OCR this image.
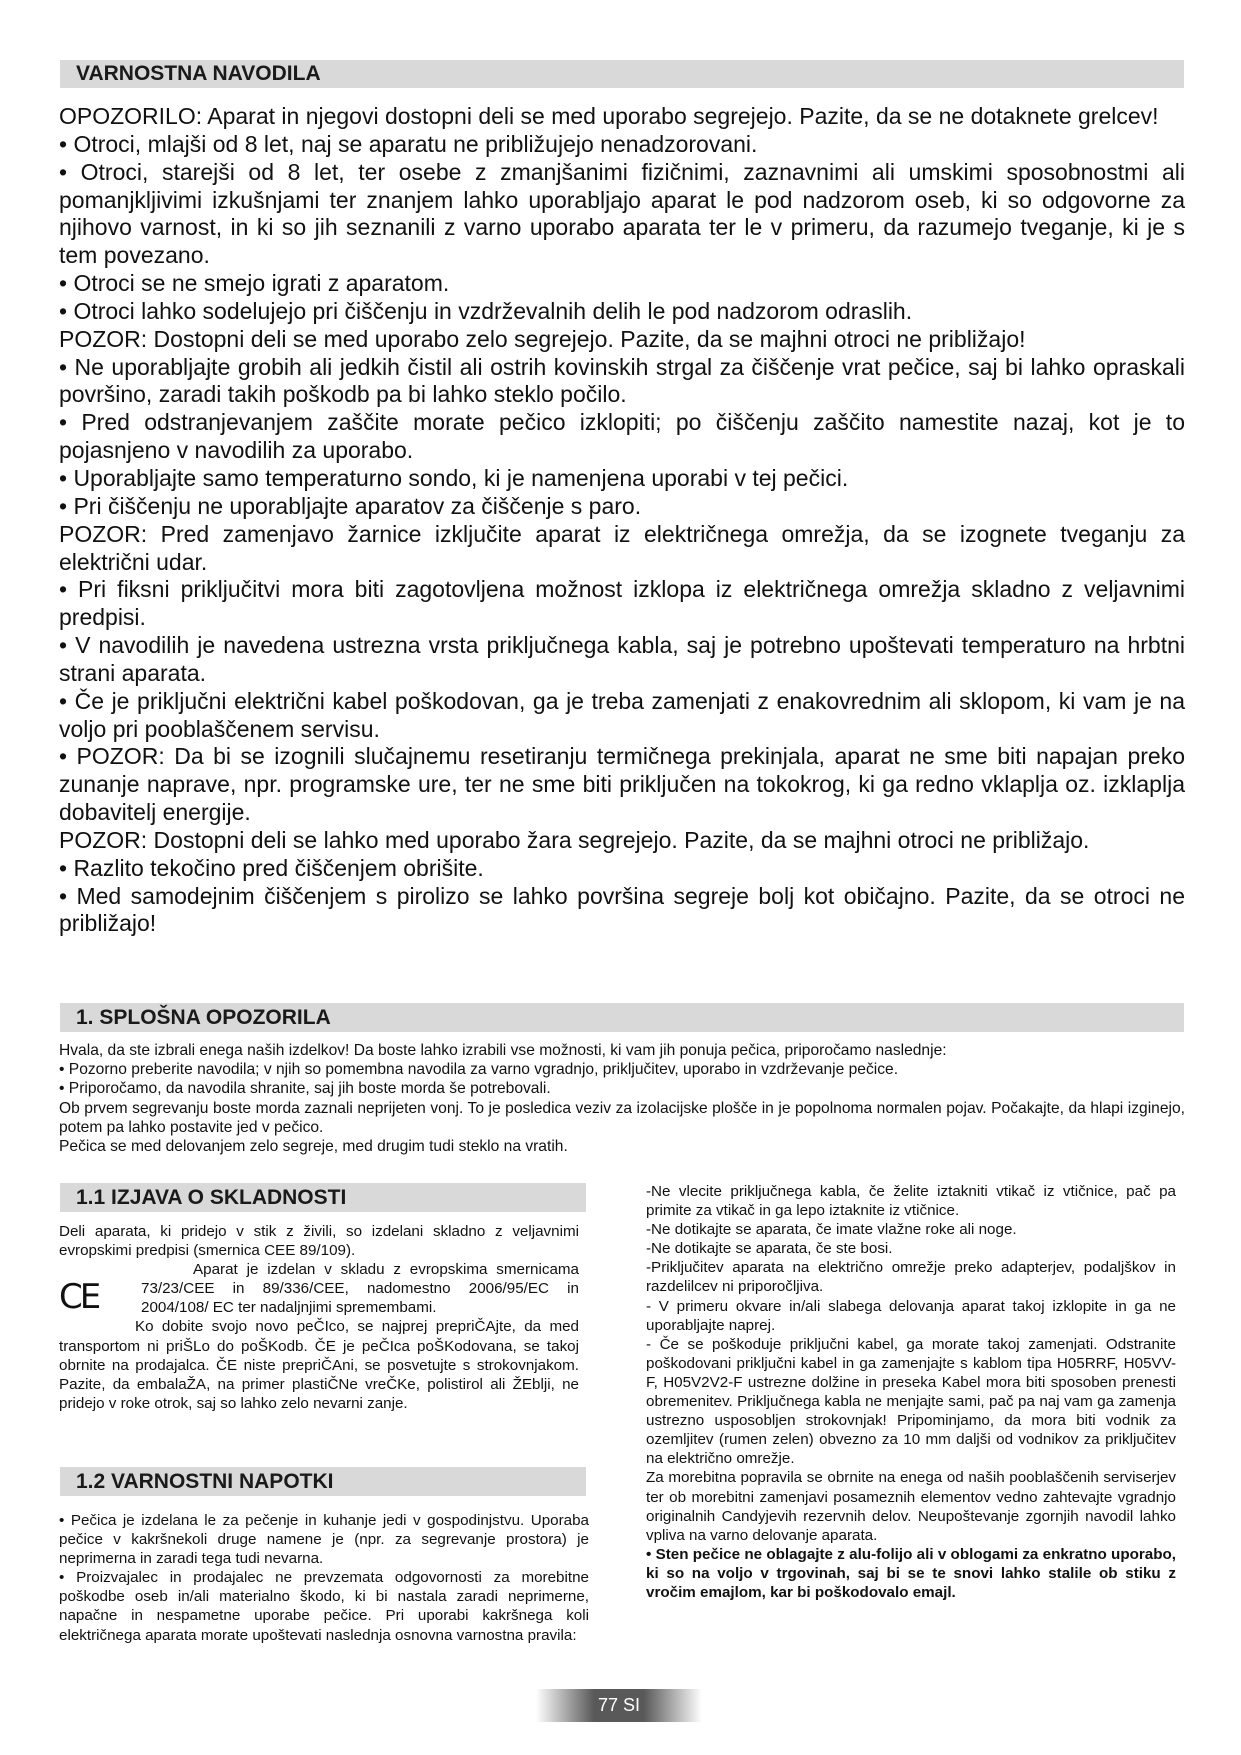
VARNOSTNA NAVODILA

OPOZORILO: Aparat in njegovi dostopni deli se med uporabo segrejejo. Pazite, da se ne dotaknete grelcev!

• Otroci, mlajši od 8 let, naj se aparatu ne približujejo nenadzorovani.

• Otroci, starejši od 8 let, ter osebe z zmanjšanimi fizičnimi, zaznavnimi ali umskimi sposobnostmi ali pomanjkljivimi izkušnjami ter znanjem lahko uporabljajo aparat le pod nadzorom oseb, ki so odgovorne za njihovo varnost, in ki so jih seznanili z varno uporabo aparata ter le v primeru, da razumejo tveganje, ki je s tem povezano.

• Otroci se ne smejo igrati z aparatom.

• Otroci lahko sodelujejo pri čiščenju in vzdrževalnih delih le pod nadzorom odraslih.

POZOR: Dostopni deli se med uporabo zelo segrejejo. Pazite, da se majhni otroci ne približajo!

• Ne uporabljajte grobih ali jedkih čistil ali ostrih kovinskih strgal za čiščenje vrat pečice, saj bi lahko opraskali površino, zaradi takih poškodb pa bi lahko steklo počilo.

• Pred odstranjevanjem zaščite morate pečico izklopiti; po čiščenju zaščito namestite nazaj, kot je to pojasnjeno v navodilih za uporabo.

• Uporabljajte samo temperaturno sondo, ki je namenjena uporabi v tej pečici.

• Pri čiščenju ne uporabljajte aparatov za čiščenje s paro.

POZOR: Pred zamenjavo žarnice izključite aparat iz električnega omrežja, da se izognete tveganju za električni udar.

• Pri fiksni priključitvi mora biti zagotovljena možnost izklopa iz električnega omrežja skladno z veljavnimi predpisi.

• V navodilih je navedena ustrezna vrsta priključnega kabla, saj je potrebno upoštevati temperaturo na hrbtni strani aparata.

• Če je priključni električni kabel poškodovan, ga je treba zamenjati z enakovrednim ali sklopom, ki vam je na voljo pri pooblaščenem servisu.

• POZOR: Da bi se izognili slučajnemu resetiranju termičnega prekinjala, aparat ne sme biti napajan preko zunanje naprave, npr. programske ure, ter ne sme biti priključen na tokokrog, ki ga redno vklaplja oz. izklaplja dobavitelj energije.

POZOR: Dostopni deli se lahko med uporabo žara segrejejo. Pazite, da se majhni otroci ne približajo.

• Razlito tekočino pred čiščenjem obrišite.

• Med samodejnim čiščenjem s pirolizo se lahko površina segreje bolj kot običajno. Pazite, da se otroci ne približajo!

1. SPLOŠNA OPOZORILA

Hvala, da ste izbrali enega naših izdelkov! Da boste lahko izrabili vse možnosti, ki vam jih ponuja pečica, priporočamo naslednje:

• Pozorno preberite navodila; v njih so pomembna navodila za varno vgradnjo, priključitev, uporabo in vzdrževanje pečice.

• Priporočamo, da navodila shranite, saj jih boste morda še potrebovali.

Ob prvem segrevanju boste morda zaznali neprijeten vonj. To je posledica veziv za izolacijske plošče in je popolnoma normalen pojav. Počakajte, da hlapi izginejo, potem pa lahko postavite jed v pečico.

Pečica se med delovanjem zelo segreje, med drugim tudi steklo na vratih.

1.1 IZJAVA O SKLADNOSTI

Deli aparata, ki pridejo v stik z živili, so izdelani skladno z veljavnimi evropskimi predpisi (smernica CEE 89/109).

CE

Aparat je izdelan v skladu z evropskima smernicama 73/23/CEE in 89/336/CEE, nadomestno 2006/95/EC in 2004/108/ EC ter nadaljnjimi spremembami.

Ko dobite svojo novo peČIco, se najprej prepriČAjte, da med transportom ni priŠLo do poŠKodb. ČE je peČIca poŠKodovana, se takoj obrnite na prodajalca. ČE niste prepriČAni, se posvetujte s strokovnjakom. Pazite, da embalaŽA, na primer plastiČNe vreČKe, polistirol ali ŽEblji, ne pridejo v roke otrok, saj so lahko zelo nevarni zanje.

1.2 VARNOSTNI NAPOTKI

• Pečica je izdelana le za pečenje in kuhanje jedi v gospodinjstvu. Uporaba pečice v kakršnekoli druge namene je (npr. za segrevanje prostora) je neprimerna in zaradi tega tudi nevarna.

• Proizvajalec in prodajalec ne prevzemata odgovornosti za morebitne poškodbe oseb in/ali materialno škodo, ki bi nastala zaradi neprimerne, napačne in nespametne uporabe pečice. Pri uporabi kakršnega koli električnega aparata morate upoštevati naslednja osnovna varnostna pravila:

-Ne vlecite priključnega kabla, če želite iztakniti vtikač iz vtičnice, pač pa primite za vtikač in ga lepo iztaknite iz vtičnice.

-Ne dotikajte se aparata, če imate vlažne roke ali noge.

-Ne dotikajte se aparata, če ste bosi.

-Priključitev aparata na električno omrežje preko adapterjev, podaljškov in razdelilcev ni priporočljiva.

- V primeru okvare in/ali slabega delovanja aparat takoj izklopite in ga ne uporabljajte naprej.

- Če se poškoduje priključni kabel, ga morate takoj zamenjati. Odstranite poškodovani priključni kabel in ga zamenjajte s kablom tipa H05RRF, H05VV-F, H05V2V2-F ustrezne dolžine in preseka Kabel mora biti sposoben prenesti obremenitev. Priključnega kabla ne menjajte sami, pač pa naj vam ga zamenja ustrezno usposobljen strokovnjak! Pripominjamo, da mora biti vodnik za ozemljitev (rumen zelen) obvezno za 10 mm daljši od vodnikov za priključitev na električno omrežje.

Za morebitna popravila se obrnite na enega od naših pooblaščenih serviserjev ter ob morebitni zamenjavi posameznih elementov vedno zahtevajte vgradnjo originalnih Candyjevih rezervnih delov. Neupoštevanje zgornjih navodil lahko vpliva na varno delovanje aparata.

• Sten pečice ne oblagajte z alu-folijo ali v oblogami za enkratno uporabo, ki so na voljo v trgovinah, saj bi se te snovi lahko stalile ob stiku z vročim emajlom, kar bi poškodovalo emajl.

77 SI
